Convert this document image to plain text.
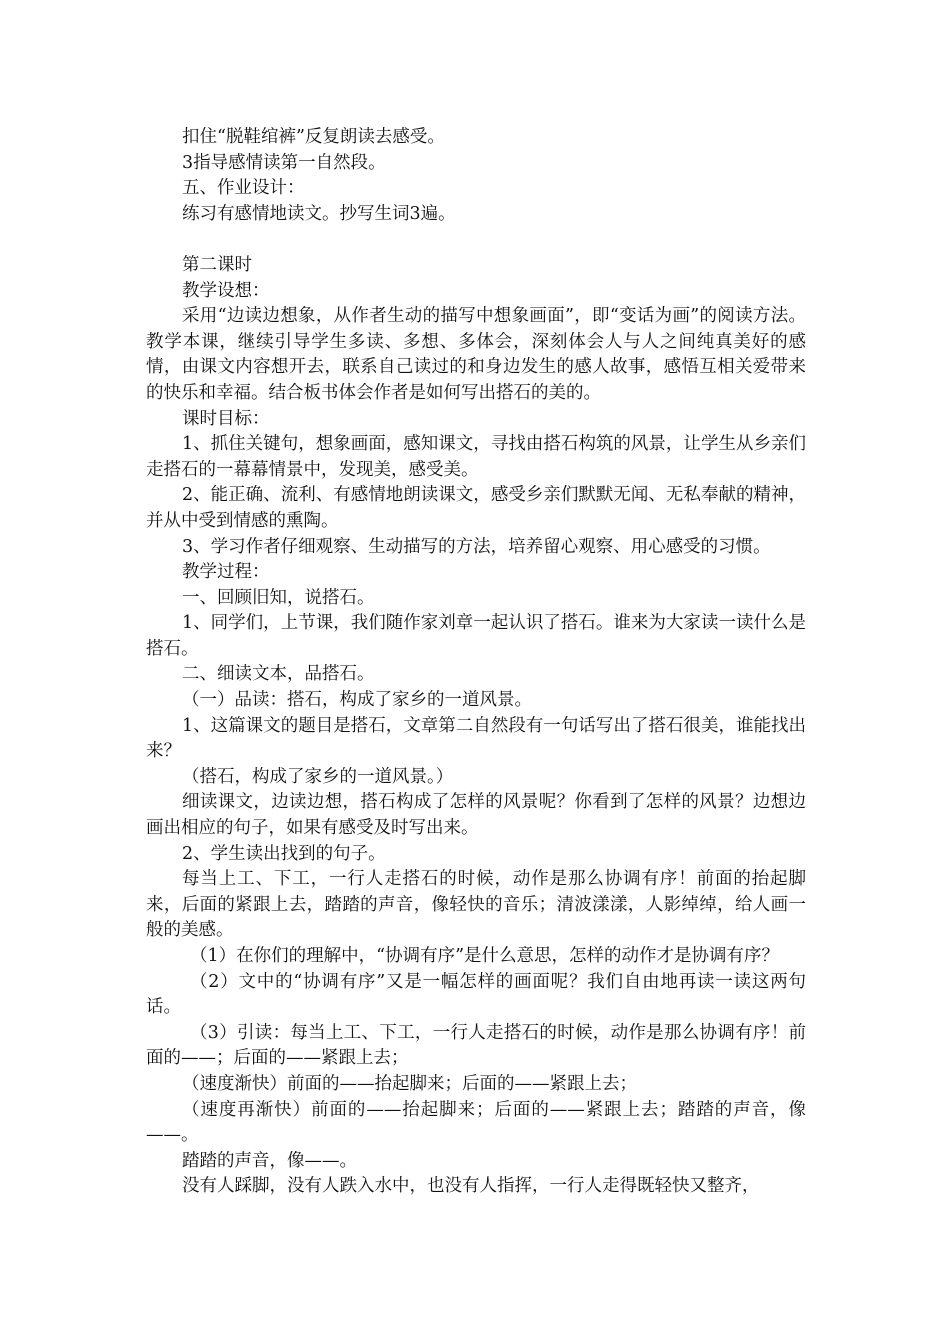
扣住“脱鞋绾裤”反复朗读去感受。

3指导感情读第一自然段。

五、作业设计：

练习有感情地读文。抄写生词3遍。

第二课时

教学设想：

采用“边读边想象，从作者生动的描写中想象画面”，即“变话为画”的阅读方法。教学本课，继续引导学生多读、多想、多体会，深刻体会人与人之间纯真美好的感情，由课文内容想开去，联系自己读过的和身边发生的感人故事，感悟互相关爱带来的快乐和幸福。结合板书体会作者是如何写出搭石的美的。

课时目标：

1、抓住关键句，想象画面，感知课文，寻找由搭石构筑的风景，让学生从乡亲们走搭石的一幕幕情景中，发现美，感受美。

2、能正确、流利、有感情地朗读课文，感受乡亲们默默无闻、无私奉献的精神，并从中受到情感的熏陶。

3、学习作者仔细观察、生动描写的方法，培养留心观察、用心感受的习惯。

教学过程：

一、回顾旧知，说搭石。

1、同学们，上节课，我们随作家刘章一起认识了搭石。谁来为大家读一读什么是搭石。

二、细读文本，品搭石。

（一）品读：搭石，构成了家乡的一道风景。

1、这篇课文的题目是搭石，文章第二自然段有一句话写出了搭石很美，谁能找出来？

（搭石，构成了家乡的一道风景。）

细读课文，边读边想，搭石构成了怎样的风景呢？你看到了怎样的风景？边想边画出相应的句子，如果有感受及时写出来。

2、学生读出找到的句子。

每当上工、下工，一行人走搭石的时候，动作是那么协调有序！前面的抬起脚来，后面的紧跟上去，踏踏的声音，像轻快的音乐；清波漾漾，人影绰绰，给人画一般的美感。

（1）在你们的理解中，“协调有序”是什么意思，怎样的动作才是协调有序？

（2）文中的“协调有序”又是一幅怎样的画面呢？我们自由地再读一读这两句话。

（3）引读：每当上工、下工，一行人走搭石的时候，动作是那么协调有序！前面的——；后面的——紧跟上去；

（速度渐快）前面的——抬起脚来；后面的——紧跟上去；

（速度再渐快）前面的——抬起脚来；后面的——紧跟上去；踏踏的声音，像——。

踏踏的声音，像——。

没有人踩脚，没有人跌入水中，也没有人指挥，一行人走得既轻快又整齐，
